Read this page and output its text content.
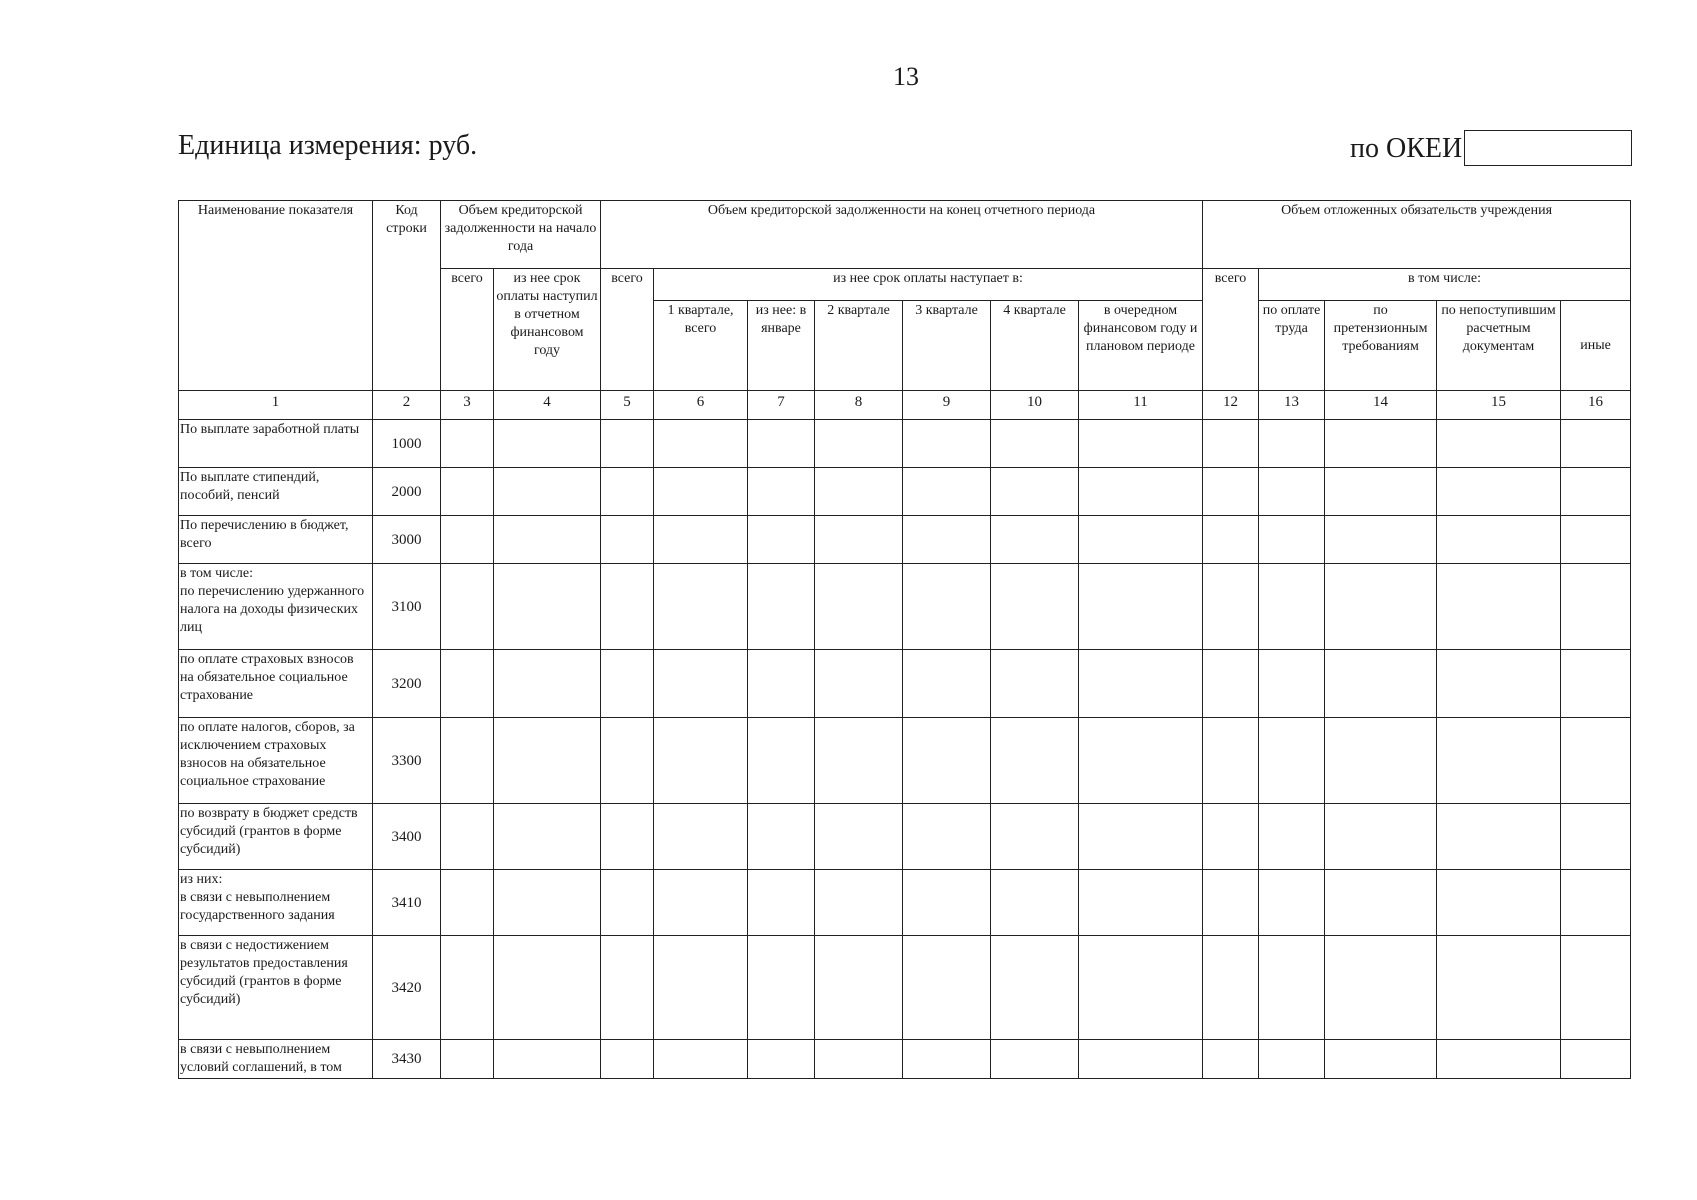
13
Единица измерения: руб.	по ОКЕИ
Наименование показателя	Код строки	Объем кредиторской задолженности на начало года		Объем кредиторской задолженности на конец отчетного периода							Объем отложенных обязательств учреждения				
		всего	из нее срок оплаты наступил в отчетном финансовом году	всего	из нее срок оплаты наступает в:						всего	в том числе:			
					1 квартале, всего	из нее: в январе	2 квартале	3 квартале	4 квартале	в очередном финансовом году и плановом периоде		по оплате труда	по претензионным требованиям	по непоступившим расчетным документам	иные
1	2	3	4	5	6	7	8	9	10	11	12	13	14	15	16
По выплате заработной платы	1000														
По выплате стипендий, пособий, пенсий	2000														
По перечислению в бюджет, всего	3000														
в том числе:
по перечислению удержанного налога на доходы физических лиц	3100														
по оплате страховых взносов на обязательное социальное страхование	3200														
по оплате налогов, сборов, за исключением страховых взносов на обязательное социальное страхование	3300														
по возврату в бюджет средств субсидий (грантов в форме субсидий)	3400														
из них:
в связи с невыполнением государственного задания	3410														
в связи с недостижением результатов предоставления субсидий (грантов в форме субсидий)	3420														
в связи с невыполнением условий соглашений, в том	3430														
